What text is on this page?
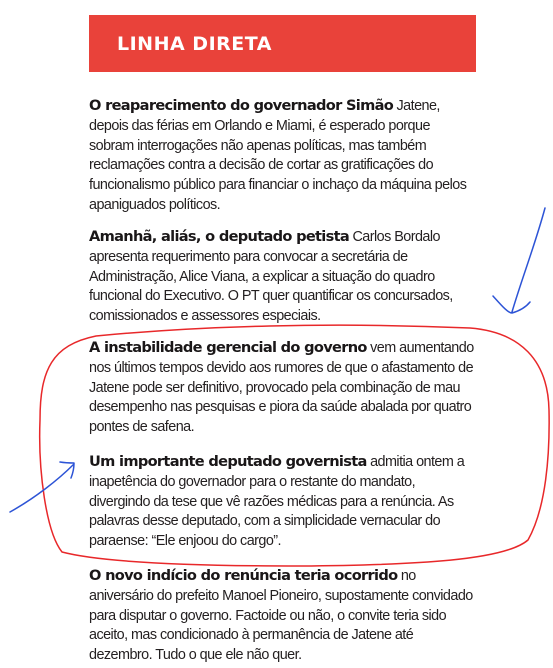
LINHA DIRETA
O reaparecimento do governador Simão Jatene, depois das férias em Orlando e Miami, é esperado porque sobram interrogações não apenas políticas, mas também reclamações contra a decisão de cortar as gratificações do funcionalismo público para financiar o inchaço da máquina pelos apaniguados políticos.
Amanhã, aliás, o deputado petista Carlos Bordalo apresenta requerimento para convocar a secretária de Administração, Alice Viana, a explicar a situação do quadro funcional do Executivo. O PT quer quantificar os concursados, comissionados e assessores especiais.
A instabilidade gerencial do governo vem aumentando nos últimos tempos devido aos rumores de que o afastamento de Jatene pode ser definitivo, provocado pela combinação de mau desempenho nas pesquisas e piora da saúde abalada por quatro pontes de safena.
Um importante deputado governista admitia ontem a inapetência do governador para o restante do mandato, divergindo da tese que vê razões médicas para a renúncia. As palavras desse deputado, com a simplicidade vernacular do paraense: “Ele enjoou do cargo”.
O novo indício do renúncia teria ocorrido no aniversário do prefeito Manoel Pioneiro, supostamente convidado para disputar o governo. Factoide ou não, o convite teria sido aceito, mas condicionado à permanência de Jatene até dezembro. Tudo o que ele não quer.
